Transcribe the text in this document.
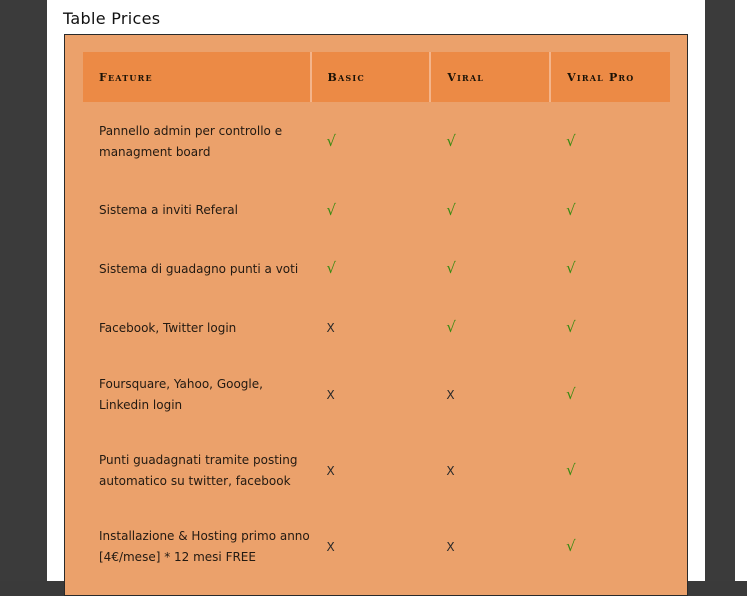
Table Prices
Feature	Basic	Viral	Viral Pro
Pannello admin per controllo e managment board	√	√	√
Sistema a inviti Referal	√	√	√
Sistema di guadagno punti a voti	√	√	√
Facebook, Twitter login	X	√	√
Foursquare, Yahoo, Google, Linkedin login	X	X	√
Punti guadagnati tramite posting automatico su twitter, facebook	X	X	√
Installazione & Hosting primo anno [4€/mese] * 12 mesi FREE	X	X	√
